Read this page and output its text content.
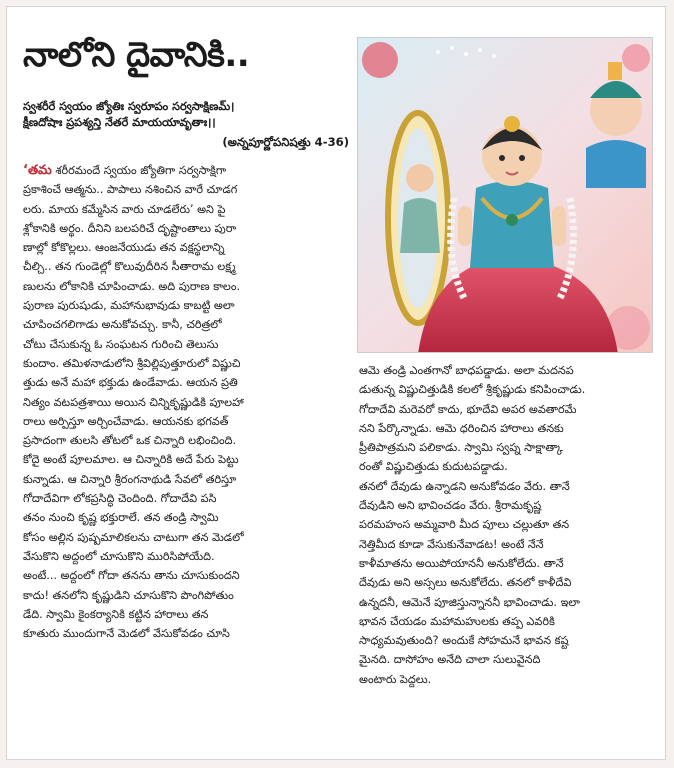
నాలోని దైవానికి..
స్వశరీరే స్వయం జ్యోతిః స్వరూపం సర్వసాక్షిణమ్।
క్షీణదోషాః ప్రపశ్యన్తి నేతరే మాయయావృతాః।।
(అన్నపూర్ణోపనిషత్తు 4-36)
‘తమ శరీరమందే స్వయం జ్యోతిగా సర్వసాక్షిగా
ప్రకాశించే ఆత్మను.. పాపాలు నశించిన వారే చూడగ
లరు. మాయ కమ్మేసిన వారు చూడలేరు’ అని పై
శ్లోకానికి అర్థం. దీనిని బలపరిచే దృష్టాంతాలు పురా
ణాల్లో కోకొల్లలు. ఆంజనేయుడు తన వక్షస్థలాన్ని
చీల్చి.. తన గుండెల్లో కొలువుదీరిన సీతారామ లక్ష్మ
ణులను లోకానికి చూపించాడు. అది పురాణ కాలం.
పురాణ పురుషుడు, మహానుభావుడు కాబట్టి అలా
చూపించగలిగాడు అనుకోవచ్చు. కానీ, చరిత్రలో
చోటు చేసుకున్న ఓ సంఘటన గురించి తెలుసు
కుందాం. తమిళనాడులోని శ్రీవిల్లిపుత్తూరులో విష్ణుచి
త్తుడు అనే మహా భక్తుడు ఉండేవాడు. ఆయన ప్రతి
నిత్యం వటపత్రశాయి అయిన చిన్నికృష్ణుడికి పూలహా
రాలు అర్పిస్తూ అర్చించేవాడు. ఆయనకు భగవత్
ప్రసాదంగా తులసి తోటలో ఒక చిన్నారి లభించింది.
కోదై అంటే పూలమాల. ఆ చిన్నారికి అదే పేరు పెట్టు
కున్నాడు. ఆ చిన్నారి శ్రీరంగనాథుడి సేవలో తరిస్తూ
గోదాదేవిగా లోకప్రసిద్ధి చెందింది. గోదాదేవి పసి
తనం నుంచి కృష్ణ భక్తురాలే. తన తండ్రి స్వామి
కోసం అల్లిన పుష్పమాలికలను చాటుగా తన మెడలో
వేసుకొని అద్దంలో చూసుకొని మురిసిపోయేది.
అంటే... అద్దంలో గోదా తనను తాను చూసుకుందని
కాదు! తనలోని కృష్ణుడిని చూసుకొని పొంగిపోతుం
డేది. స్వామి కైంకర్యానికి కట్టిన హారాలు తన
కూతురు ముందుగానే మెడలో వేసుకోవడం చూసి
ఆమె తండ్రి ఎంతగానో బాధపడ్డాడు. అలా మదనప
డుతున్న విష్ణుచిత్తుడికి కలలో శ్రీకృష్ణుడు కనిపించాడు.
గోదాదేవి మరెవరో కాదు, భూదేవి అపర అవతారమే
నని పేర్కొన్నాడు. ఆమె ధరించిన హారాలు తనకు
ప్రీతిపాత్రమని పలికాడు. స్వామి స్వప్న సాక్షాత్కా
రంతో విష్ణుచిత్తుడు కుదుటపడ్డాడు.
తనలో దేవుడు ఉన్నాడని అనుకోవడం వేరు. తానే
దేవుడిని అని భావించడం వేరు. శ్రీరామకృష్ణ
పరమహంస అమ్మవారి మీద పూలు చల్లుతూ తన
నెత్తిమీద కూడా వేసుకునేవాడట! అంటే నేనే
కాళీమాతను అయిపోయాననీ అనుకోలేదు. తానే
దేవుడు అని అస్సలు అనుకోలేదు. తనలో కాళీదేవి
ఉన్నదనీ, ఆమెనే పూజిస్తున్నాననీ భావించాడు. ఇలా
భావన చేయడం మహామహులకు తప్ప ఎవరికి
సాధ్యమవుతుంది? అందుకే సోహమనే భావన కష్ట
మైనది. దాసోహం అనేది చాలా సులువైనది
అంటారు పెద్దలు.
